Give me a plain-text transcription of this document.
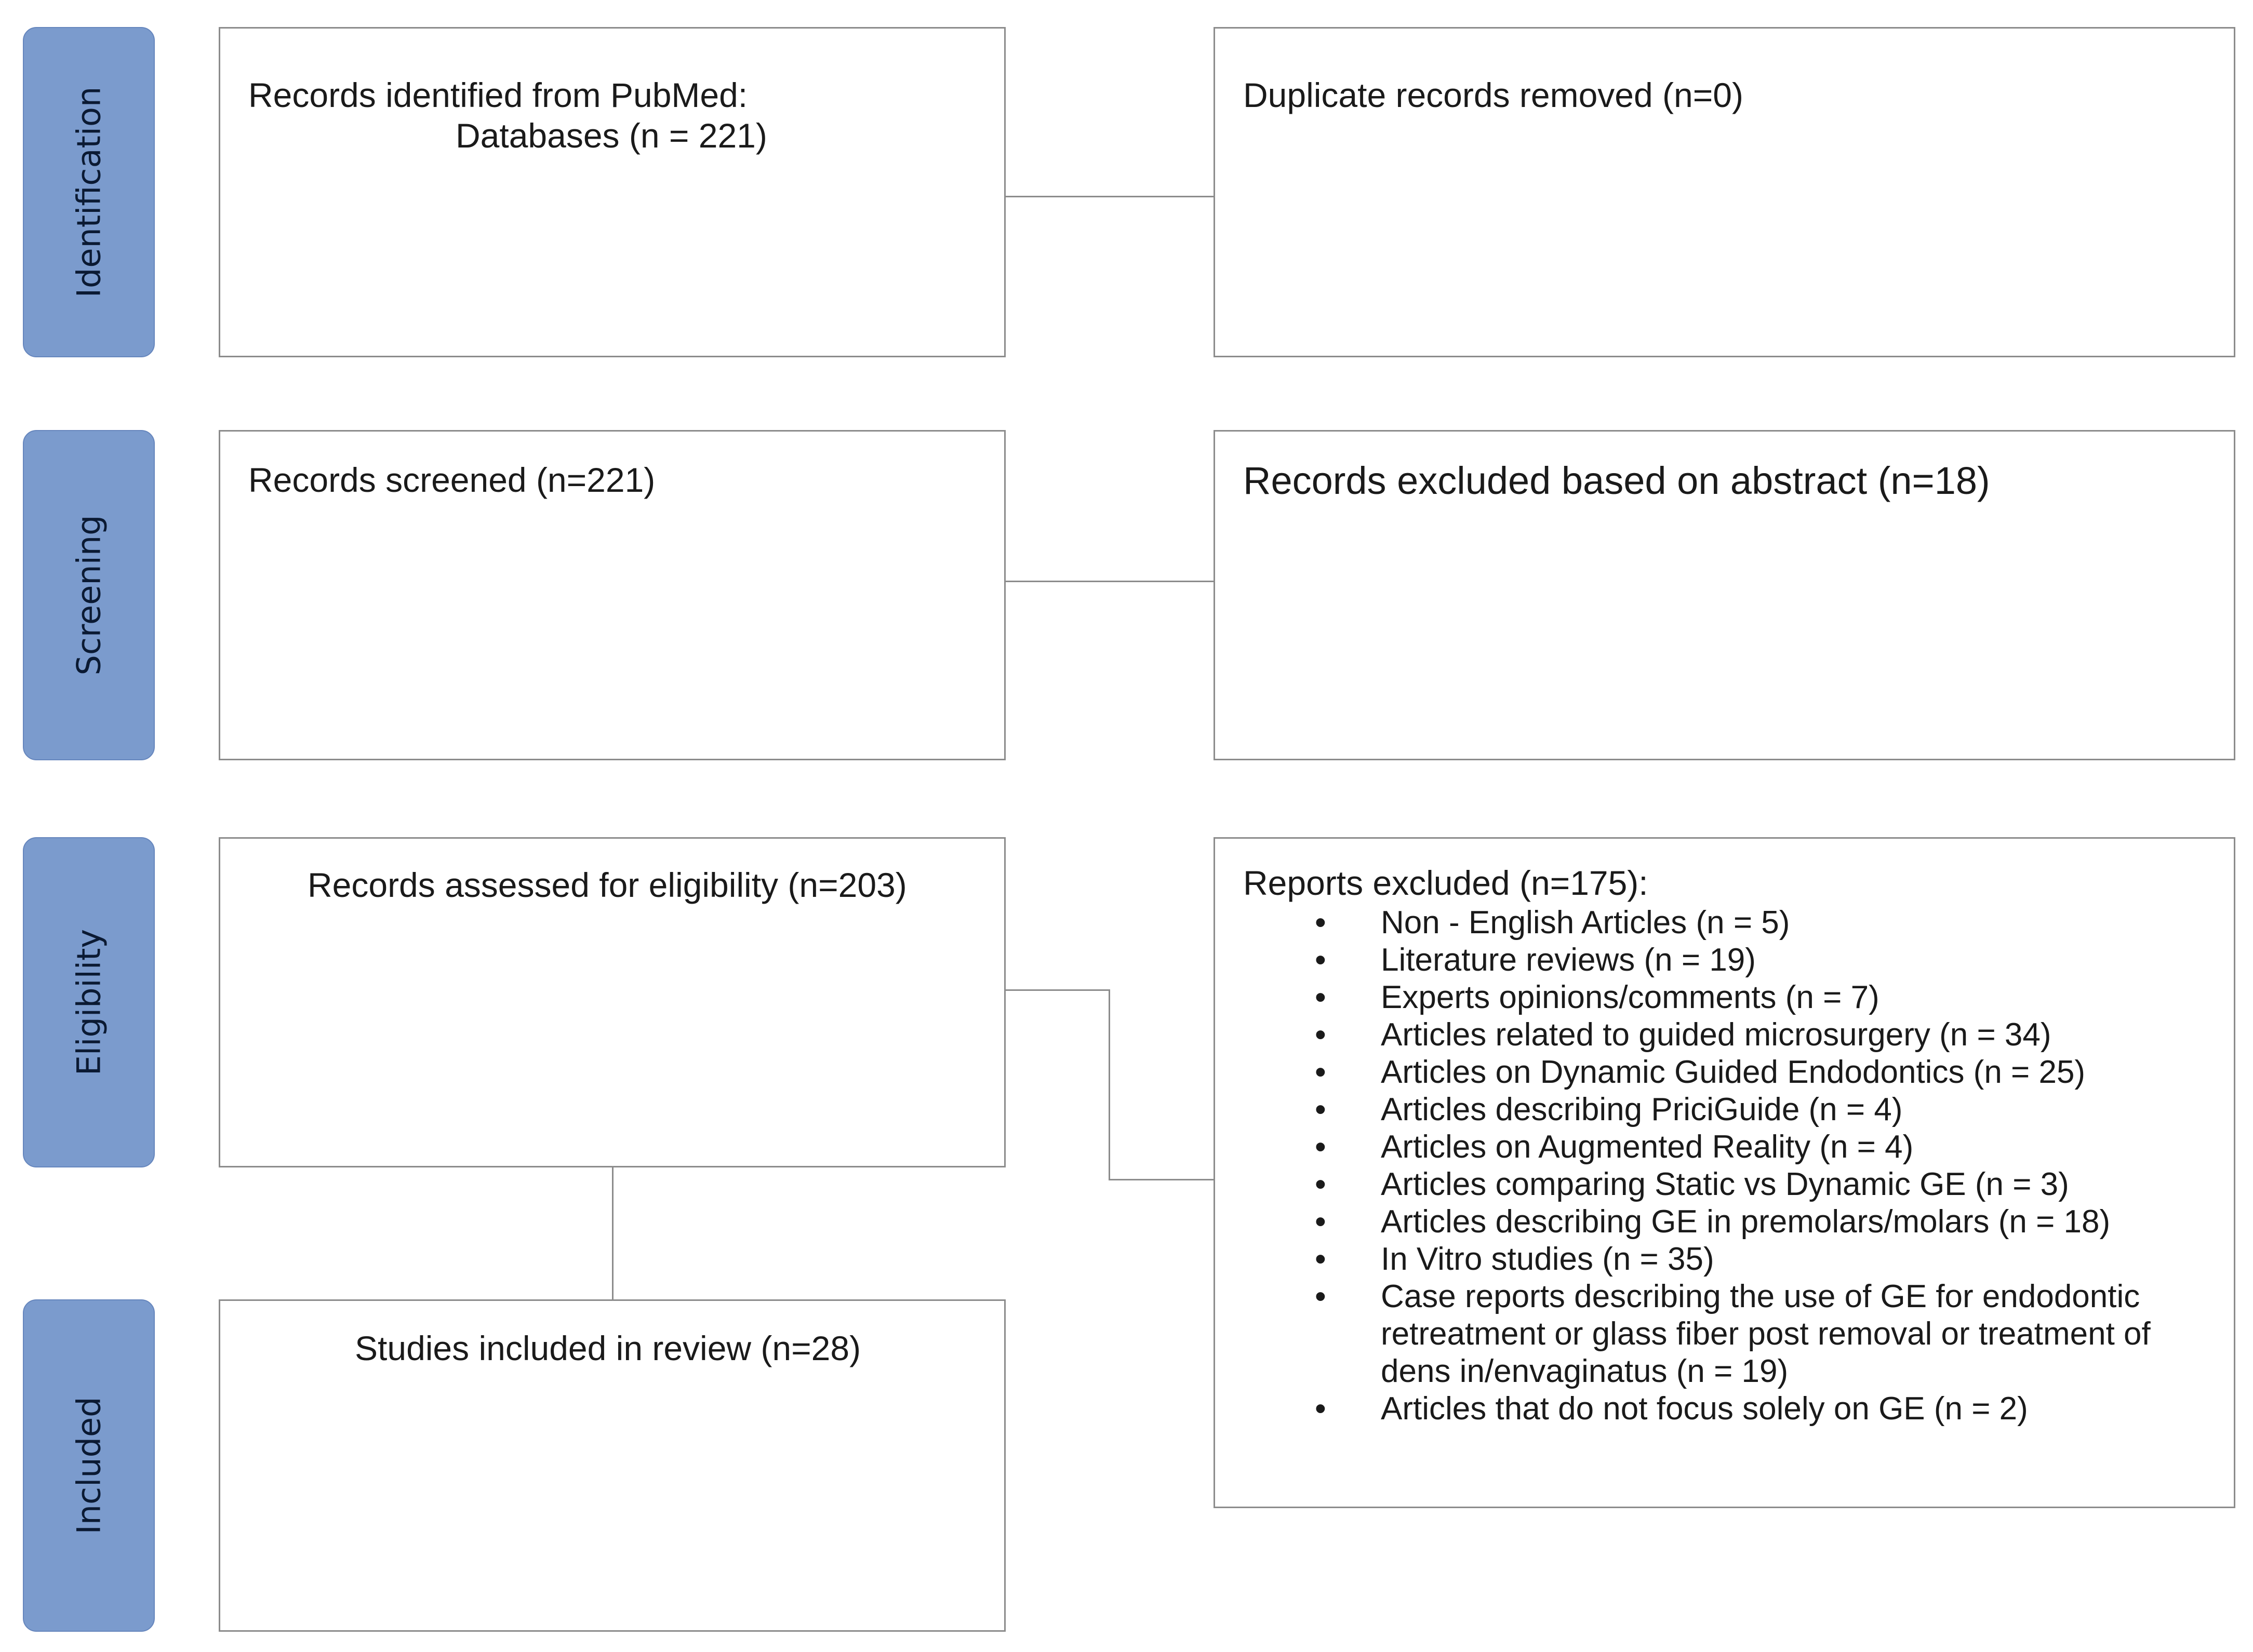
Identification
Screening
Eligibility
Included
Records identified from PubMed:
Databases (n = 221)
Duplicate records removed (n=0)
Records screened (n=221)	Records excluded based on abstract (n=18)
Records assessed for eligibility (n=203)	Reports excluded (n=175):
• Non - English Articles (n = 5)
• Literature reviews (n = 19)
• Experts opinions/comments (n = 7)
• Articles related to guided microsurgery (n = 34)
• Articles on Dynamic Guided Endodontics (n = 25)
• Articles describing PriciGuide (n = 4)
• Articles on Augmented Reality (n = 4)
• Articles comparing Static vs Dynamic GE (n = 3)
• Articles describing GE in premolars/molars (n = 18)
• In Vitro studies (n = 35)
• Case reports describing the use of GE for endodontic
retreatment or glass fiber post removal or treatment of
dens in/envaginatus (n = 19)
• Articles that do not focus solely on GE (n = 2)
Studies included in review (n=28)
